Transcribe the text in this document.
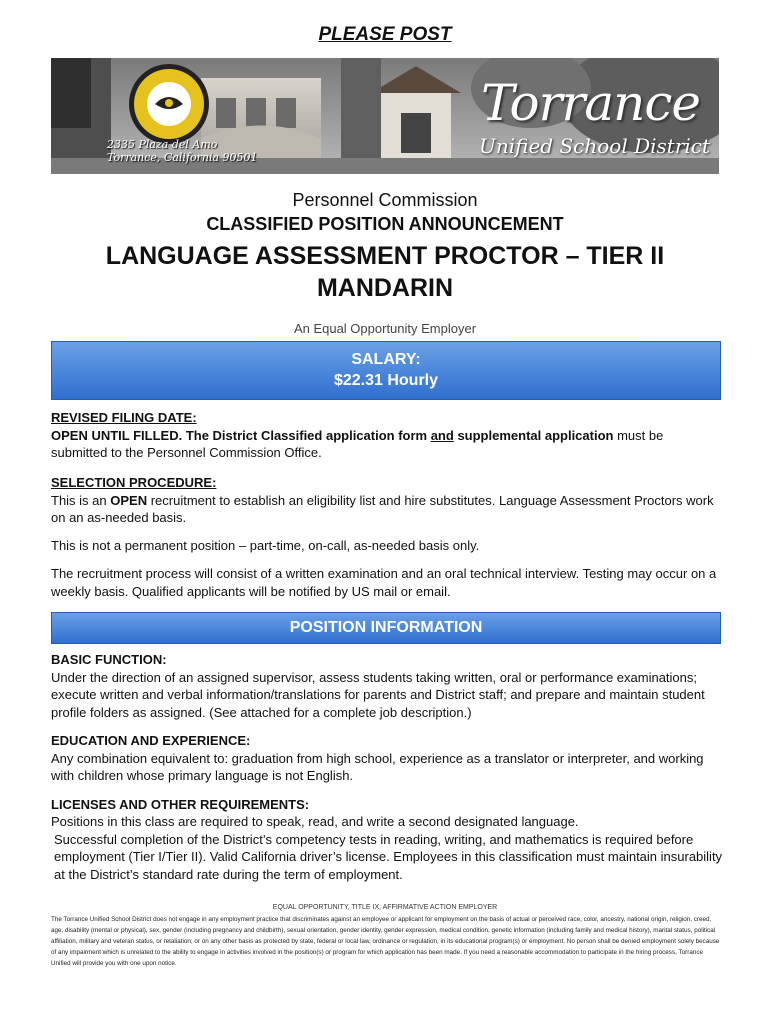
PLEASE POST
2335 Plaza del Amo
Torrance, California 90501
Torrance
Unified School District
Personnel Commission
CLASSIFIED POSITION ANNOUNCEMENT
LANGUAGE ASSESSMENT PROCTOR – TIER II
MANDARIN
An Equal Opportunity Employer
SALARY:
$22.31 Hourly
REVISED FILING DATE:
OPEN UNTIL FILLED. The District Classified application form and supplemental application must be submitted to the Personnel Commission Office.
SELECTION PROCEDURE:
This is an OPEN recruitment to establish an eligibility list and hire substitutes. Language Assessment Proctors work on an as-needed basis.
This is not a permanent position – part-time, on-call, as-needed basis only.
The recruitment process will consist of a written examination and an oral technical interview. Testing may occur on a weekly basis. Qualified applicants will be notified by US mail or email.
POSITION INFORMATION
BASIC FUNCTION:
Under the direction of an assigned supervisor, assess students taking written, oral or performance examinations; execute written and verbal information/translations for parents and District staff; and prepare and maintain student profile folders as assigned. (See attached for a complete job description.)
EDUCATION AND EXPERIENCE:
Any combination equivalent to: graduation from high school, experience as a translator or interpreter, and working with children whose primary language is not English.
LICENSES AND OTHER REQUIREMENTS:
Positions in this class are required to speak, read, and write a second designated language.
Successful completion of the District’s competency tests in reading, writing, and mathematics is required before employment (Tier I/Tier II). Valid California driver’s license. Employees in this classification must maintain insurability at the District’s standard rate during the term of employment.
EQUAL OPPORTUNITY, TITLE IX, AFFIRMATIVE ACTION EMPLOYER
The Torrance Unified School District does not engage in any employment practice that discriminates against an employee or applicant for employment on the basis of actual or perceived race, color, ancestry, national origin, religion, creed, age, disability (mental or physical), sex, gender (including pregnancy and childbirth), sexual orientation, gender identity, gender expression, medical condition, genetic information (including family and medical history), marital status, political affiliation, military and veteran status, or retaliation; or on any other basis as protected by state, federal or local law, ordinance or regulation, in its educational program(s) or employment. No person shall be denied employment solely because of any impairment which is unrelated to the ability to engage in activities involved in the position(s) or program for which application has been made. If you need a reasonable accommodation to participate in the hiring process, Torrance Unified will provide you with one upon notice.
